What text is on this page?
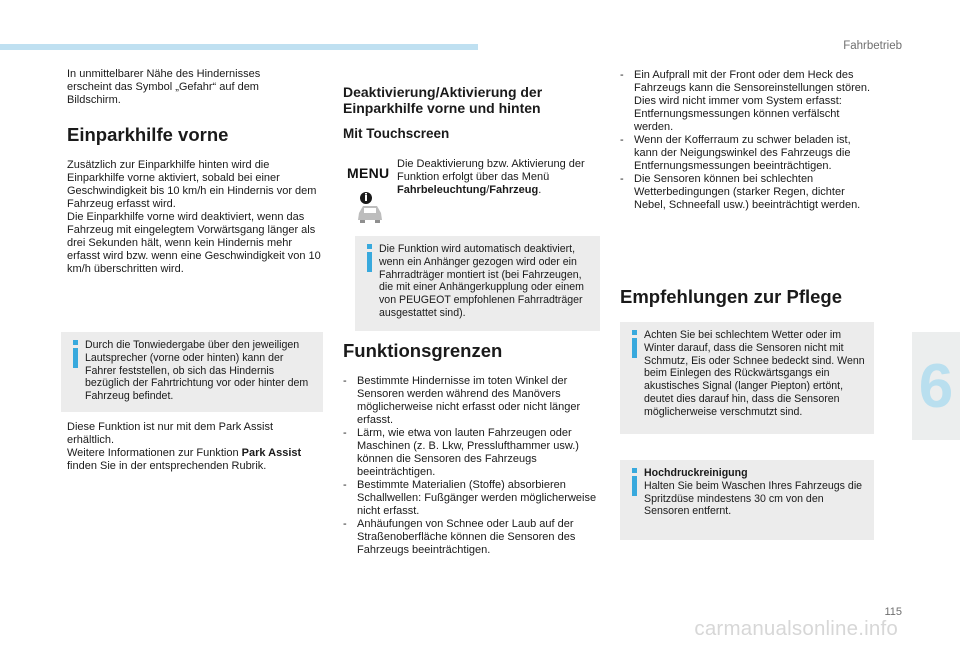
Fahrbetrieb
6
115
carmanualsonline.info
In unmittelbarer Nähe des Hindernisses erscheint das Symbol „Gefahr“ auf dem Bildschirm.
Einparkhilfe vorne
Zusätzlich zur Einparkhilfe hinten wird die Einparkhilfe vorne aktiviert, sobald bei einer Geschwindigkeit bis 10 km/h ein Hindernis vor dem Fahrzeug erfasst wird.
Die Einparkhilfe vorne wird deaktiviert, wenn das Fahrzeug mit eingelegtem Vorwärtsgang länger als drei Sekunden hält, wenn kein Hindernis mehr erfasst wird bzw. wenn eine Geschwindigkeit von 10 km/h überschritten wird.
Durch die Tonwiedergabe über den jeweiligen Lautsprecher (vorne oder hinten) kann der Fahrer feststellen, ob sich das Hindernis bezüglich der Fahrtrichtung vor oder hinter dem Fahrzeug befindet.
Diese Funktion ist nur mit dem Park Assist erhältlich.
Weitere Informationen zur Funktion Park Assist finden Sie in der entsprechenden Rubrik.
Deaktivierung/Aktivierung der Einparkhilfe vorne und hinten
Mit Touchscreen
MENU
Die Deaktivierung bzw. Aktivierung der Funktion erfolgt über das Menü Fahrbeleuchtung/Fahrzeug.
Die Funktion wird automatisch deaktiviert, wenn ein Anhänger gezogen wird oder ein Fahrradträger montiert ist (bei Fahrzeugen, die mit einer Anhängerkupplung oder einem von PEUGEOT empfohlenen Fahrradträger ausgestattet sind).
Funktionsgrenzen
- Bestimmte Hindernisse im toten Winkel der Sensoren werden während des Manövers möglicherweise nicht erfasst oder nicht länger erfasst.
- Lärm, wie etwa von lauten Fahrzeugen oder Maschinen (z. B. Lkw, Presslufthammer usw.) können die Sensoren des Fahrzeugs beeinträchtigen.
- Bestimmte Materialien (Stoffe) absorbieren Schallwellen: Fußgänger werden möglicherweise nicht erfasst.
- Anhäufungen von Schnee oder Laub auf der Straßenoberfläche können die Sensoren des Fahrzeugs beeinträchtigen.
- Ein Aufprall mit der Front oder dem Heck des Fahrzeugs kann die Sensoreinstellungen stören. Dies wird nicht immer vom System erfasst: Entfernungsmessungen können verfälscht werden.
- Wenn der Kofferraum zu schwer beladen ist, kann der Neigungswinkel des Fahrzeugs die Entfernungsmessungen beeinträchtigen.
- Die Sensoren können bei schlechten Wetterbedingungen (starker Regen, dichter Nebel, Schneefall usw.) beeinträchtigt werden.
Empfehlungen zur Pflege
Achten Sie bei schlechtem Wetter oder im Winter darauf, dass die Sensoren nicht mit Schmutz, Eis oder Schnee bedeckt sind. Wenn beim Einlegen des Rückwärtsgangs ein akustisches Signal (langer Piepton) ertönt, deutet dies darauf hin, dass die Sensoren möglicherweise verschmutzt sind.
Hochdruckreinigung
Halten Sie beim Waschen Ihres Fahrzeugs die Spritzdüse mindestens 30 cm von den Sensoren entfernt.
